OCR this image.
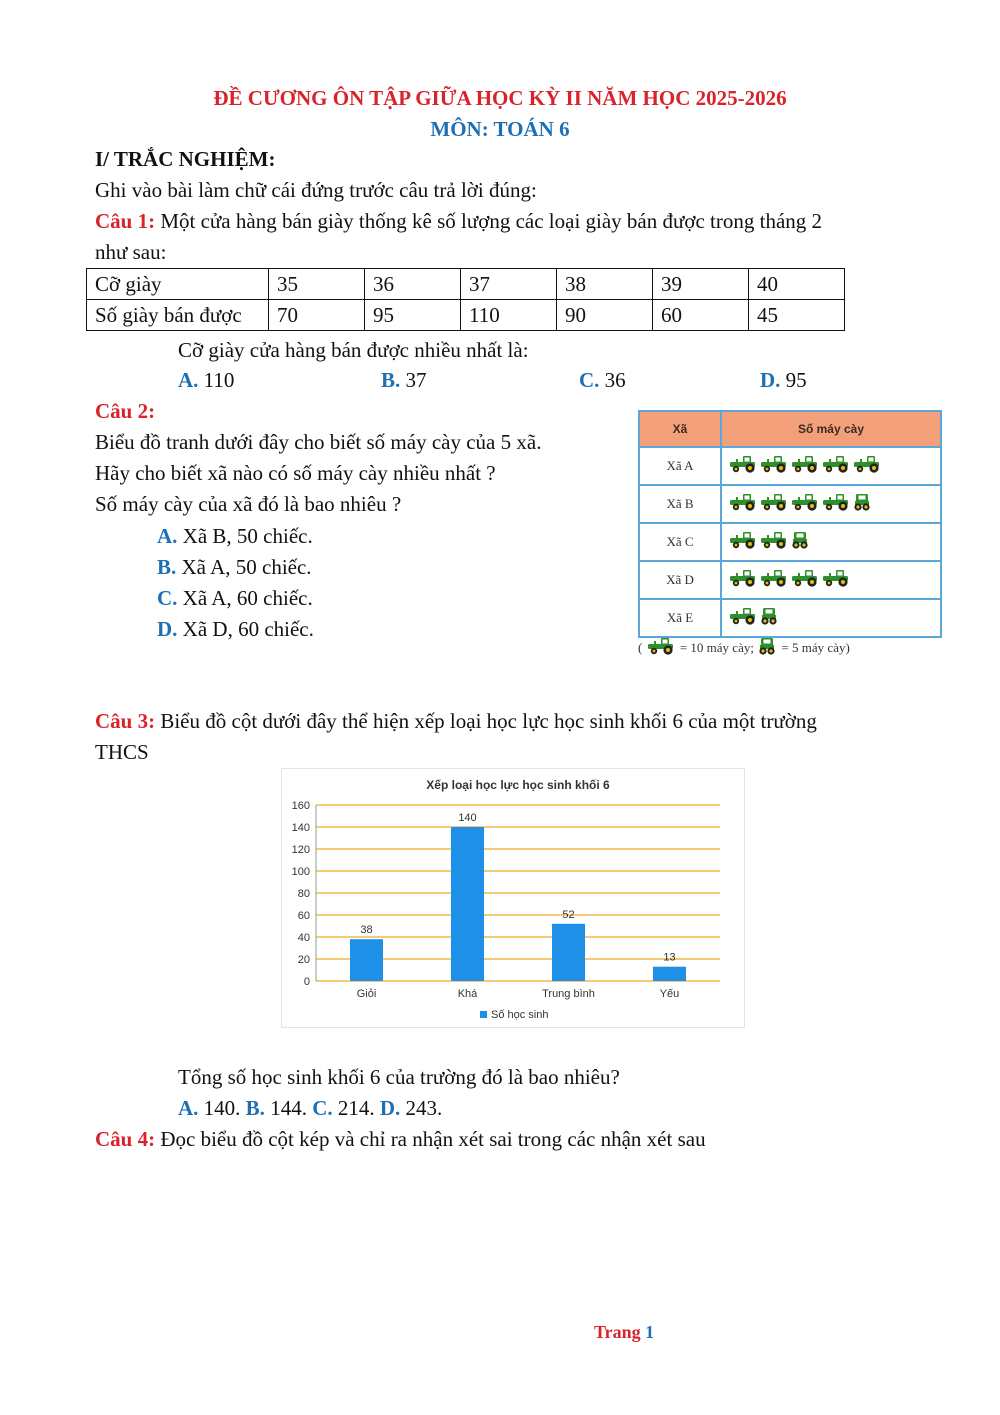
ĐỀ CƯƠNG ÔN TẬP GIỮA HỌC KỲ II NĂM HỌC 2025-2026
MÔN: TOÁN 6
I/ TRẮC NGHIỆM:
Ghi vào bài làm chữ cái đứng trước câu trả lời đúng:
Câu 1: Một cửa hàng bán giày thống kê số lượng các loại giày bán được trong tháng 2
như sau:
Cỡ giày	35	36	37	38	39	40
Số giày bán được	70	95	110	90	60	45
Cỡ giày cửa hàng bán được nhiều nhất là:
A. 110	B. 37	C. 36	D. 95
Câu 2:
Biểu đồ tranh dưới đây cho biết số máy cày của 5 xã.
Hãy cho biết xã nào có số máy cày nhiều nhất ?
Số máy cày của xã đó là bao nhiêu ?
A. Xã B, 50 chiếc.
B. Xã A, 50 chiếc.
C. Xã A, 60 chiếc.
D. Xã D, 60 chiếc.
Xã	Số máy cày
Xã A	
Xã B	
Xã C	
Xã D	
Xã E	
(	= 10 máy cày; = 5 máy cày)
Câu 3: Biểu đồ cột dưới đây thể hiện xếp loại học lực học sinh khối 6 của một trường
THCS
Xếp loại học lực học sinh khối 6
0
20
40
60
80
100
120
140
160
38
Giỏi
140
Khá
52
Trung bình
13
Yếu
Số học sinh
Tổng số học sinh khối 6 của trường đó là bao nhiêu?
A. 140. B. 144. C. 214. D. 243.
Câu 4: Đọc biểu đồ cột kép và chỉ ra nhận xét sai trong các nhận xét sau
Trang 1
